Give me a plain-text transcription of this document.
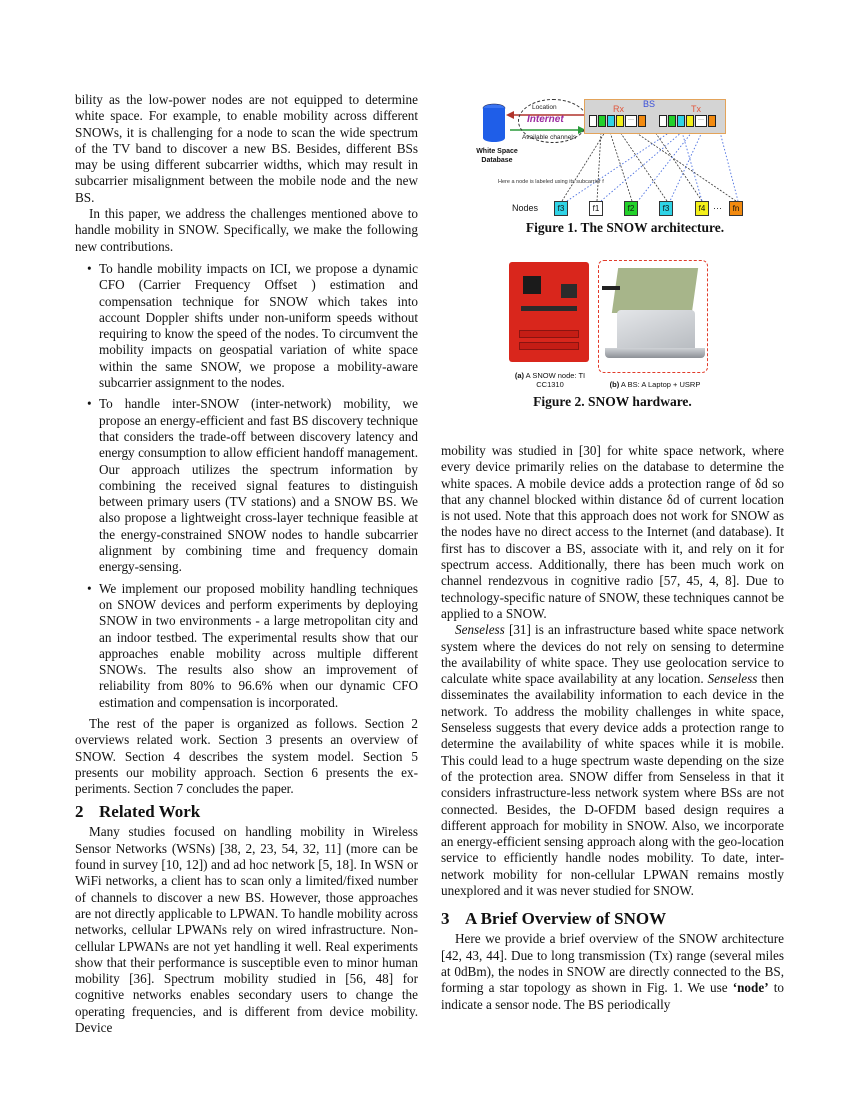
bility as the low-power nodes are not equipped to determine white space. For example, to enable mobility across different SNOWs, it is challenging for a node to scan the wide spectrum of the TV band to discover a new BS. Besides, different BSs may be using different subcarrier widths, which may result in subcarrier misalignment between the mobile node and the new BS.

In this paper, we address the challenges mentioned above to handle mobility in SNOW. Specifically, we make the following new contributions.

• To handle mobility impacts on ICI, we propose a dynamic CFO (Carrier Frequency Offset ) estimation and compensation technique for SNOW which takes into account Doppler shifts under non-uniform speeds without requiring to know the speed of the nodes. To circumvent the mobility impacts on geospatial variation of white space within the same SNOW, we propose a mobility-aware subcarrier assignment to the nodes.
• To handle inter-SNOW (inter-network) mobility, we propose an energy-efficient and fast BS discovery technique that considers the trade-off between discovery latency and energy consumption to allow efficient handoff management. Our approach utilizes the spectrum information by combining the received signal features to distinguish between primary users (TV stations) and a SNOW BS. We also propose a lightweight cross-layer technique feasible at the energy-constrained SNOW nodes to handle subcarrier alignment by combining time and frequency domain energy-sensing.
• We implement our proposed mobility handling techniques on SNOW devices and perform experiments by deploying SNOW in two environments - a large metropolitan city and an indoor testbed. The experimental results show that our approaches enable mobility across multiple different SNOWs. The results also show an improvement of reliability from 80% to 96.6% when our dynamic CFO estimation and compensation is incorporated.

The rest of the paper is organized as follows. Section 2 overviews related work. Section 3 presents an overview of SNOW. Section 4 describes the system model. Section 5 presents our mobility approach. Section 6 presents the experiments. Section 7 concludes the paper.

2 Related Work

Many studies focused on handling mobility in Wireless Sensor Networks (WSNs) [38, 2, 23, 54, 32, 11] (more can be found in survey [10, 12]) and ad hoc network [5, 18]. In WSN or WiFi networks, a client has to scan only a limited/fixed number of channels to discover a new BS. However, those approaches are not directly applicable to LPWAN. To handle mobility across networks, cellular LPWANs rely on wired infrastructure. Non-cellular LPWANs are not yet handling it well. Real experiments show that their performance is susceptible even to minor human mobility [36]. Spectrum mobility studied in [56, 48] for cognitive networks enables secondary users to change the operating frequencies, and is different from device mobility. Device

White Space Database
Location
Internet
Available channels
BS
Rx	Tx
···	···
Here a node is labeled using its subcarrier f
Nodes	f3	f1	f2	f3	f4 ···	fn
Figure 1. The SNOW architecture.
(a) A SNOW node: TI CC1310	(b) A BS: A Laptop + USRP
Figure 2. SNOW hardware.

mobility was studied in [30] for white space network, where every device primarily relies on the database to determine the white spaces. A mobile device adds a protection range of δd so that any channel blocked within distance δd of current location is not used. Note that this approach does not work for SNOW as the nodes have no direct access to the Internet (and database). It first has to discover a BS, associate with it, and rely on it for spectrum access. Additionally, there has been much work on channel rendezvous in cognitive radio [57, 45, 4, 8]. Due to technology-specific nature of SNOW, these techniques cannot be applied to a SNOW.

Senseless [31] is an infrastructure based white space network system where the devices do not rely on sensing to determine the availability of white space. They use geolocation service to calculate white space availability at any location. Senseless then disseminates the availability information to each device in the network. To address the mobility challenges in white space, Senseless suggests that every device adds a protection range to determine the availability of white spaces while it is mobile. This could lead to a huge spectrum waste depending on the size of the protection area. SNOW differ from Senseless in that it considers infrastructure-less network system where BSs are not connected. Besides, the D-OFDM based design requires a different approach for mobility in SNOW. Also, we incorporate an energy-efficient sensing approach along with the geo-location service to efficiently handle nodes mobility. To date, inter-network mobility for non-cellular LPWAN remains mostly unexplored and it was never studied for SNOW.

3 A Brief Overview of SNOW

Here we provide a brief overview of the SNOW architecture [42, 43, 44]. Due to long transmission (Tx) range (several miles at 0dBm), the nodes in SNOW are directly connected to the BS, forming a star topology as shown in Fig. 1. We use ‘node’ to indicate a sensor node. The BS periodically
